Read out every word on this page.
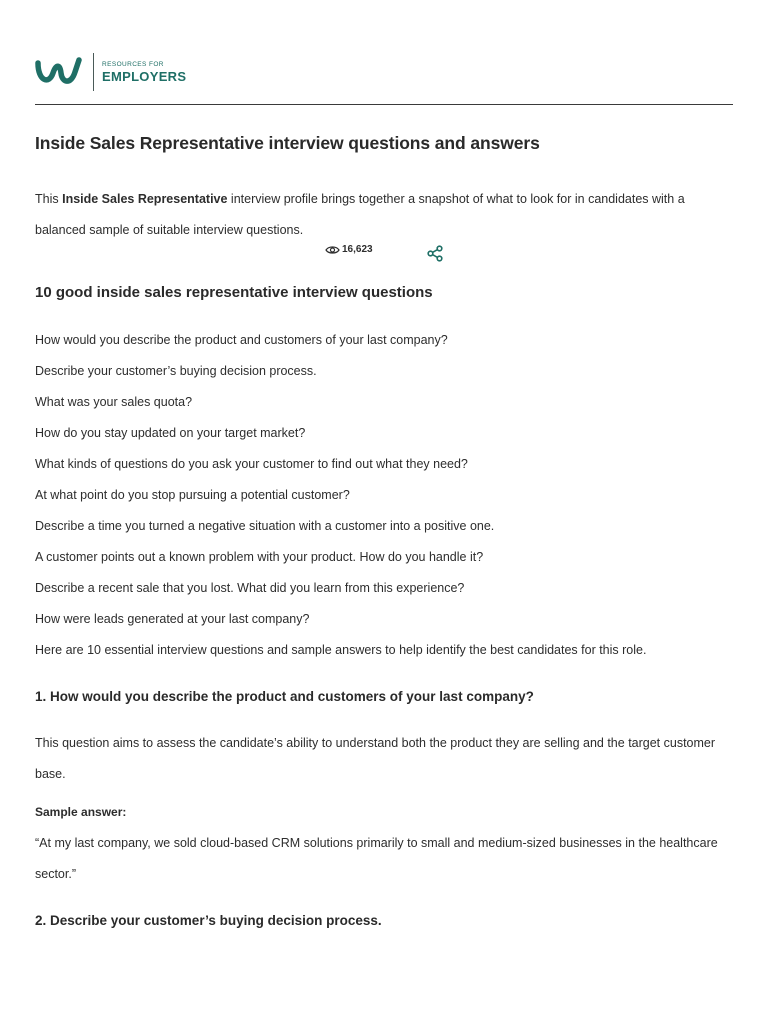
RESOURCES FOR
EMPLOYERS
Inside Sales Representative interview questions and answers
This Inside Sales Representative interview profile brings together a snapshot of what to look for in candidates with a balanced sample of suitable interview questions.
16,623
10 good inside sales representative interview questions
How would you describe the product and customers of your last company?
Describe your customer’s buying decision process.
What was your sales quota?
How do you stay updated on your target market?
What kinds of questions do you ask your customer to find out what they need?
At what point do you stop pursuing a potential customer?
Describe a time you turned a negative situation with a customer into a positive one.
A customer points out a known problem with your product. How do you handle it?
Describe a recent sale that you lost. What did you learn from this experience?
How were leads generated at your last company?
Here are 10 essential interview questions and sample answers to help identify the best candidates for this role.
1. How would you describe the product and customers of your last company?
This question aims to assess the candidate’s ability to understand both the product they are selling and the target customer base.
Sample answer:
“At my last company, we sold cloud-based CRM solutions primarily to small and medium-sized businesses in the healthcare sector.”
2. Describe your customer’s buying decision process.
